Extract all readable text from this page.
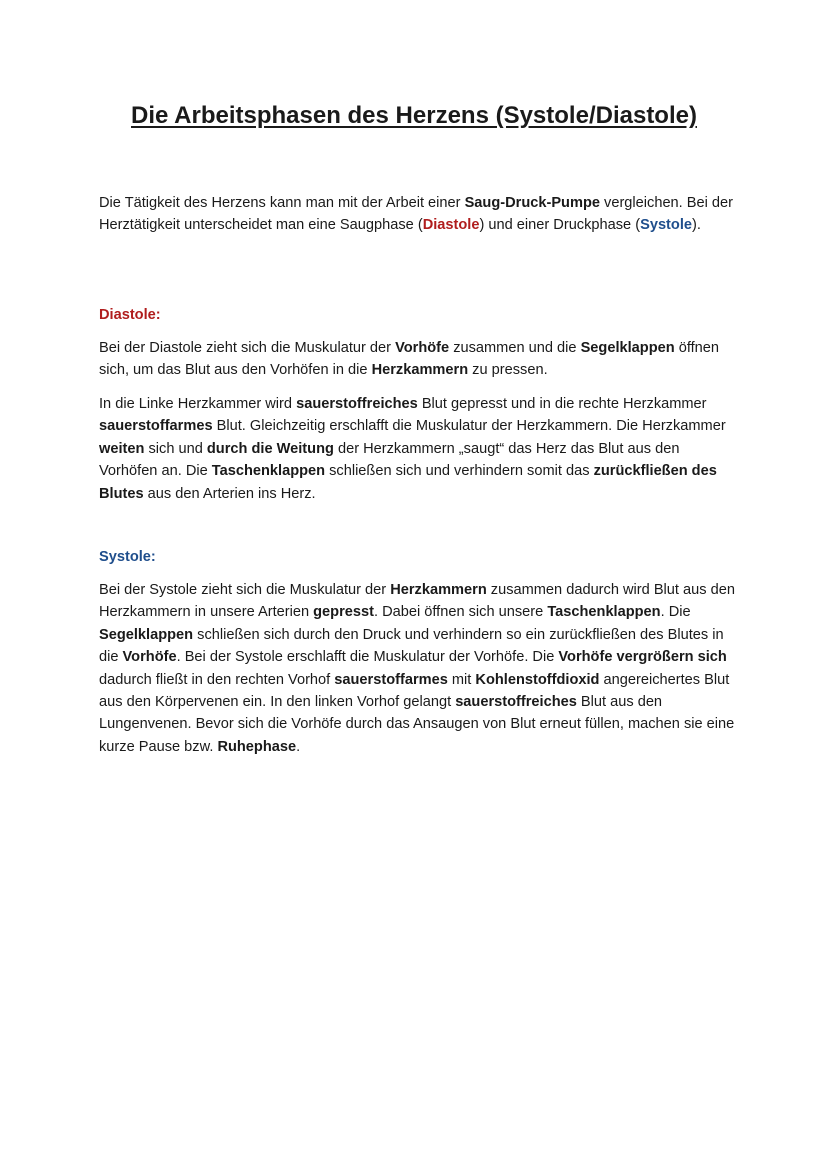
Die Arbeitsphasen des Herzens (Systole/Diastole)

Die Tätigkeit des Herzens kann man mit der Arbeit einer Saug-Druck-Pumpe vergleichen. Bei der Herztätigkeit unterscheidet man eine Saugphase (Diastole) und einer Druckphase (Systole).

Diastole:

Bei der Diastole zieht sich die Muskulatur der Vorhöfe zusammen und die Segelklappen öffnen sich, um das Blut aus den Vorhöfen in die Herzkammern zu pressen.

In die Linke Herzkammer wird sauerstoffreiches Blut gepresst und in die rechte Herzkammer sauerstoffarmes Blut. Gleichzeitig erschlafft die Muskulatur der Herzkammern. Die Herzkammer weiten sich und durch die Weitung der Herzkammern „saugt“ das Herz das Blut aus den Vorhöfen an. Die Taschenklappen schließen sich und verhindern somit das zurückfließen des Blutes aus den Arterien ins Herz.

Systole:

Bei der Systole zieht sich die Muskulatur der Herzkammern zusammen dadurch wird Blut aus den Herzkammern in unsere Arterien gepresst. Dabei öffnen sich unsere Taschenklappen. Die Segelklappen schließen sich durch den Druck und verhindern so ein zurückfließen des Blutes in die Vorhöfe. Bei der Systole erschlafft die Muskulatur der Vorhöfe. Die Vorhöfe vergrößern sich dadurch fließt in den rechten Vorhof sauerstoffarmes mit Kohlenstoffdioxid angereichertes Blut aus den Körpervenen ein. In den linken Vorhof gelangt sauerstoffreiches Blut aus den Lungenvenen. Bevor sich die Vorhöfe durch das Ansaugen von Blut erneut füllen, machen sie eine kurze Pause bzw. Ruhephase.
